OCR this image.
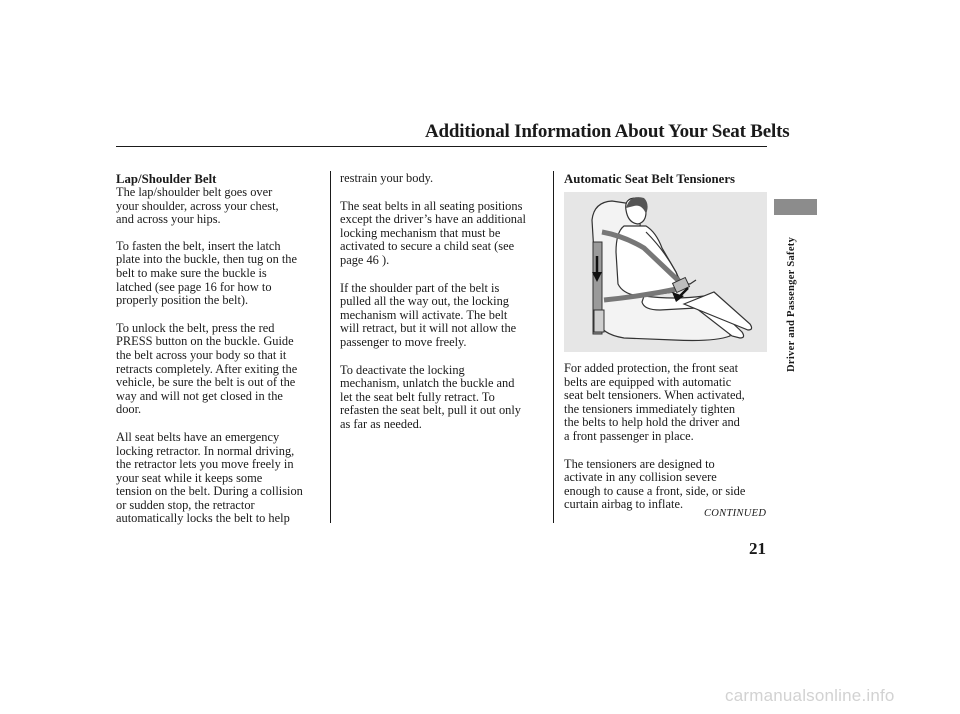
Additional Information About Your Seat Belts
Driver and Passenger Safety
Lap/Shoulder Belt

The lap/shoulder belt goes over
your shoulder, across your chest,
and across your hips.

To fasten the belt, insert the latch
plate into the buckle, then tug on the
belt to make sure the buckle is
latched (see page 16 for how to
properly position the belt).

To unlock the belt, press the red
PRESS button on the buckle. Guide
the belt across your body so that it
retracts completely. After exiting the
vehicle, be sure the belt is out of the
way and will not get closed in the
door.

All seat belts have an emergency
locking retractor. In normal driving,
the retractor lets you move freely in
your seat while it keeps some
tension on the belt. During a collision
or sudden stop, the retractor
automatically locks the belt to help

restrain your body.

The seat belts in all seating positions
except the driver’s have an additional
locking mechanism that must be
activated to secure a child seat (see
page 46 ).

If the shoulder part of the belt is
pulled all the way out, the locking
mechanism will activate. The belt
will retract, but it will not allow the
passenger to move freely.

To deactivate the locking
mechanism, unlatch the buckle and
let the seat belt fully retract. To
refasten the seat belt, pull it out only
as far as needed.

Automatic Seat Belt Tensioners

For added protection, the front seat
belts are equipped with automatic
seat belt tensioners. When activated,
the tensioners immediately tighten
the belts to help hold the driver and
a front passenger in place.

The tensioners are designed to
activate in any collision severe
enough to cause a front, side, or side
curtain airbag to inflate.

CONTINUED
21
carmanualsonline.info
